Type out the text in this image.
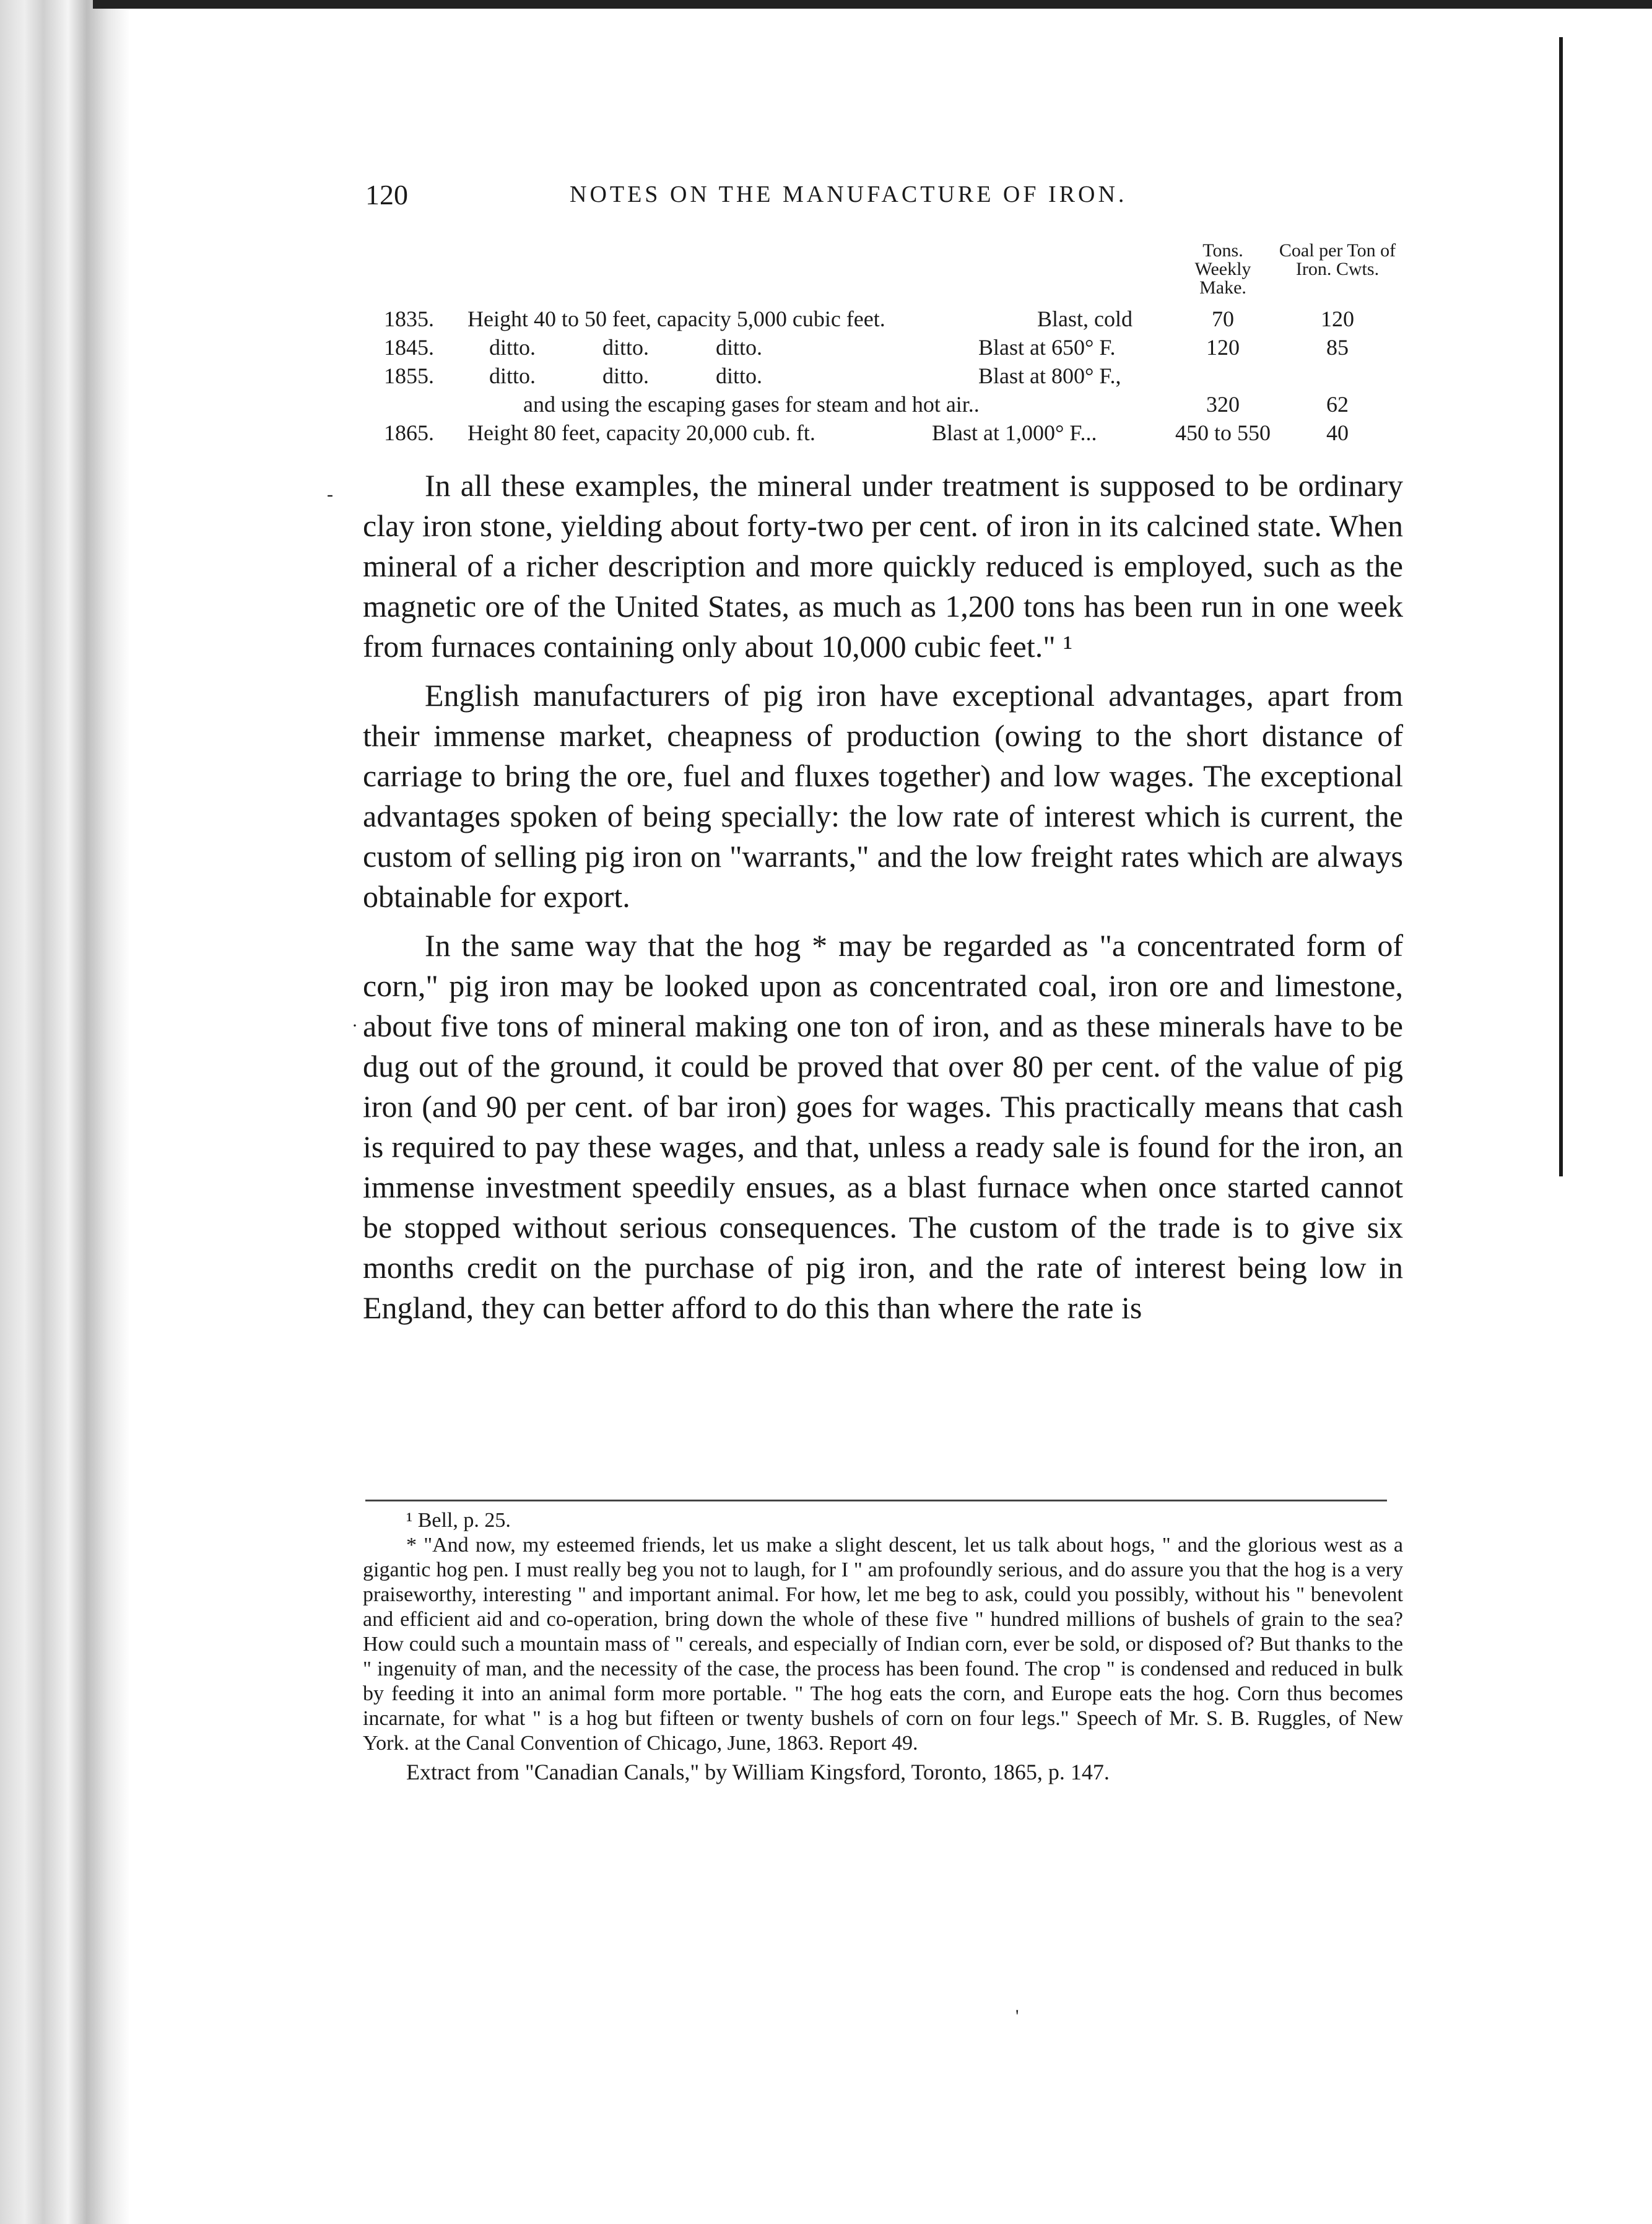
120	NOTES ON THE MANUFACTURE OF IRON.
Tons. Weekly Make.
Coal per Ton of Iron. Cwts.
1835. Height 40 to 50 feet, capacity 5,000 cubic feet.	Blast, cold	70	120
1845. ditto.            ditto.            ditto.	Blast at 650° F.	120	85
1855. ditto.            ditto.            ditto.	Blast at 800° F.,
and using the escaping gases for steam and hot air..	320	62
1865. Height 80 feet, capacity 20,000 cub. ft.	Blast at 1,000° F...	450 to 550	40
-
·

In all these examples, the mineral under treatment is supposed to be ordinary clay iron stone, yielding about forty-two per cent. of iron in its calcined state. When mineral of a richer description and more quickly reduced is employed, such as the magnetic ore of the United States, as much as 1,200 tons has been run in one week from furnaces containing only about 10,000 cubic feet." ¹

English manufacturers of pig iron have exceptional advantages, apart from their immense market, cheapness of production (owing to the short distance of carriage to bring the ore, fuel and fluxes together) and low wages. The exceptional advantages spoken of being specially: the low rate of interest which is current, the custom of selling pig iron on "warrants," and the low freight rates which are always obtainable for export.

In the same way that the hog * may be regarded as "a concentrated form of corn," pig iron may be looked upon as concentrated coal, iron ore and limestone, about five tons of mineral making one ton of iron, and as these minerals have to be dug out of the ground, it could be proved that over 80 per cent. of the value of pig iron (and 90 per cent. of bar iron) goes for wages. This practically means that cash is required to pay these wages, and that, unless a ready sale is found for the iron, an immense investment speedily ensues, as a blast furnace when once started cannot be stopped without serious consequences. The custom of the trade is to give six months credit on the purchase of pig iron, and the rate of interest being low in England, they can better afford to do this than where the rate is

¹ Bell, p. 25.

* "And now, my esteemed friends, let us make a slight descent, let us talk about hogs, " and the glorious west as a gigantic hog pen. I must really beg you not to laugh, for I " am profoundly serious, and do assure you that the hog is a very praiseworthy, interesting " and important animal. For how, let me beg to ask, could you possibly, without his " benevolent and efficient aid and co-operation, bring down the whole of these five " hundred millions of bushels of grain to the sea? How could such a mountain mass of " cereals, and especially of Indian corn, ever be sold, or disposed of? But thanks to the " ingenuity of man, and the necessity of the case, the process has been found. The crop " is condensed and reduced in bulk by feeding it into an animal form more portable. " The hog eats the corn, and Europe eats the hog. Corn thus becomes incarnate, for what " is a hog but fifteen or twenty bushels of corn on four legs." Speech of Mr. S. B. Ruggles, of New York. at the Canal Convention of Chicago, June, 1863. Report 49.

Extract from "Canadian Canals," by William Kingsford, Toronto, 1865, p. 147.

'
